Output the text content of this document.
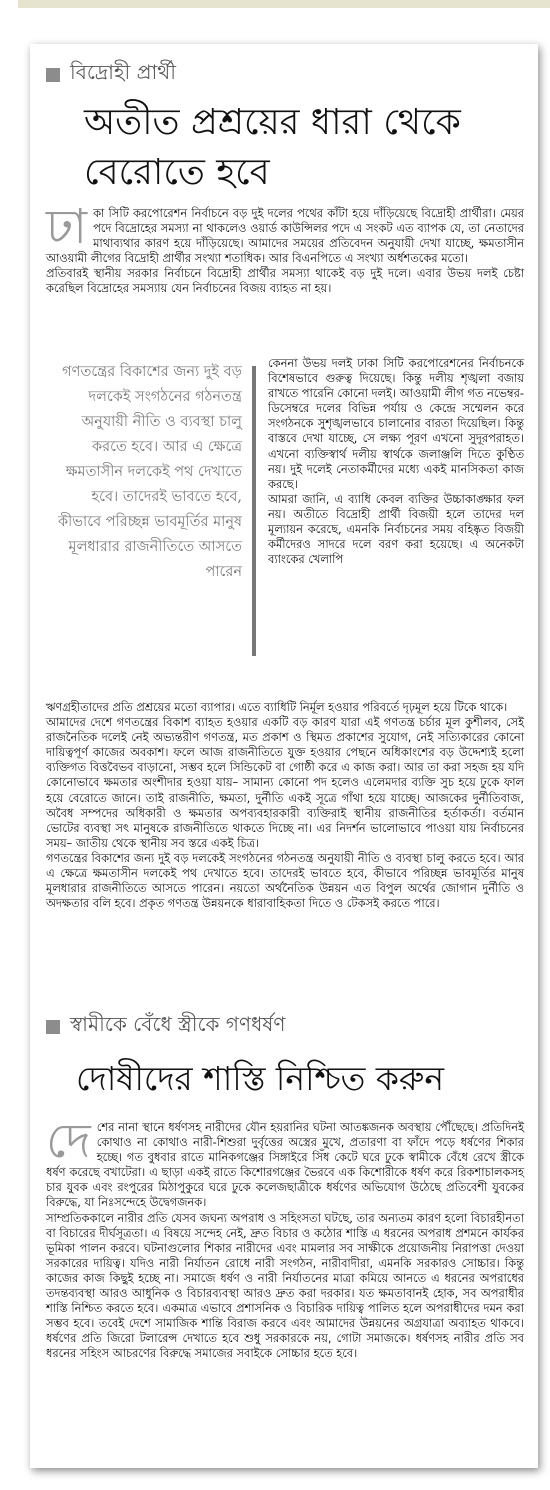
বিদ্রোহী প্রার্থী
অতীত প্রশ্রয়ের ধারা থেকে
বেরোতে হবে
ঢা কা সিটি করপোরেশন নির্বাচনে বড় দুই দলের পথের কাঁটা হয়ে দাঁড়িয়েছে বিদ্রোহী প্রার্থীরা। মেয়র পদে বিদ্রোহের সমস্যা না থাকলেও ওয়ার্ড কাউন্সিলর পদে এ সংকট এত ব্যাপক যে, তা নেতাদের মাথাব্যথার কারণ হয়ে দাঁড়িয়েছে। আমাদের সময়ের প্রতিবেদন অনুযায়ী দেখা যাচ্ছে, ক্ষমতাসীন আওয়ামী লীগের বিদ্রোহী প্রার্থীর সংখ্যা শতাধিক। আর বিএনপিতে এ সংখ্যা অর্ধশতকের মতো।

প্রতিবারই স্থানীয় সরকার নির্বাচনে বিদ্রোহী প্রার্থীর সমস্যা থাকেই বড় দুই দলে। এবার উভয় দলই চেষ্টা করেছিল বিদ্রোহের সমস্যায় যেন নির্বাচনের বিজয় ব্যাহত না হয়।

গণতন্ত্রের বিকাশের জন্য দুই বড় দলকেই সংগঠনের গঠনতন্ত্র অনুযায়ী নীতি ও ব্যবস্থা চালু করতে হবে। আর এ ক্ষেত্রে ক্ষমতাসীন দলকেই পথ দেখাতে হবে। তাদেরই ভাবতে হবে, কীভাবে পরিচ্ছন্ন ভাবমূর্তির মানুষ মূলধারার রাজনীতিতে আসতে পারেন

কেননা উভয় দলই ঢাকা সিটি করপোরেশনের নির্বাচনকে বিশেষভাবে গুরুত্ব দিয়েছে। কিন্তু দলীয় শৃঙ্খলা বজায় রাখতে পারেনি কোনো দলই। আওয়ামী লীগ গত নভেম্বর-ডিসেম্বরে দলের বিভিন্ন পর্যায় ও কেন্দ্রে সম্মেলন করে সংগঠনকে সুশৃঙ্খলভাবে চালানোর বারতা দিয়েছিল। কিন্তু বাস্তবে দেখা যাচ্ছে, সে লক্ষ্য পূরণ এখনো সুদূরপরাহত। এখনো ব্যক্তিস্বার্থ দলীয় স্বার্থকে জলাঞ্জলি দিতে কুণ্ঠিত নয়। দুই দলেই নেতাকর্মীদের মধ্যে একই মানসিকতা কাজ করছে।

আমরা জানি, এ ব্যাধি কেবল ব্যক্তির উচ্চাকাঙ্ক্ষার ফল নয়। অতীতে বিদ্রোহী প্রার্থী বিজয়ী হলে তাদের দল মূল্যায়ন করেছে, এমনকি নির্বাচনের সময় বহিষ্কৃত বিজয়ী কর্মীদেরও সাদরে দলে বরণ করা হয়েছে। এ অনেকটা ব্যাংকের খেলাপি

ঋণগ্রহীতাদের প্রতি প্রশ্রয়ের মতো ব্যাপার। এতে ব্যাধিটি নির্মূল হওয়ার পরিবর্তে দৃঢ়মূল হয়ে টিকে থাকে।

আমাদের দেশে গণতন্ত্রের বিকাশ ব্যাহত হওয়ার একটি বড় কারণ যারা এই গণতন্ত্র চর্চার মূল কুশীলব, সেই রাজনৈতিক দলেই নেই অভ্যন্তরীণ গণতন্ত্র, মত প্রকাশ ও স্থিমত প্রকাশের সুযোগ, নেই সত্যিকারের কোনো দায়িত্বপূর্ণ কাজের অবকাশ। ফলে আজ রাজনীতিতে যুক্ত হওয়ার পেছনে অধিকাংশের বড় উদ্দেশ্যই হলো ব্যক্তিগত বিত্তবৈভব বাড়ানো, সম্ভব হলে সিন্ডিকেট বা গোষ্ঠী করে এ কাজ করা। আর তা করা সহজ হয় যদি কোনোভাবে ক্ষমতার অংশীদার হওয়া যায়– সামান্য কোনো পদ হলেও এলেমদার ব্যক্তি সুচ হয়ে ঢুকে ফাল হয়ে বেরোতে জানে। তাই রাজনীতি, ক্ষমতা, দুর্নীতি একই সূত্রে গাঁথা হয়ে যাচ্ছে। আজকের দুর্নীতিবাজ, অবৈধ সম্পদের অধিকারী ও ক্ষমতার অপব্যবহারকারী ব্যক্তিরাই স্থানীয় রাজনীতির হর্তাকর্তা। বর্তমান ভোটের ব্যবস্থা সৎ মানুষকে রাজনীতিতে থাকতে দিচ্ছে না। এর নিদর্শন ভালোভাবে পাওয়া যায় নির্বাচনের সময়– জাতীয় থেকে স্থানীয় সব স্তরে একই চিত্র।

গণতন্ত্রের বিকাশের জন্য দুই বড় দলকেই সংগঠনের গঠনতন্ত্র অনুযায়ী নীতি ও ব্যবস্থা চালু করতে হবে। আর এ ক্ষেত্রে ক্ষমতাসীন দলকেই পথ দেখাতে হবে। তাদেরই ভাবতে হবে, কীভাবে পরিচ্ছন্ন ভাবমূর্তির মানুষ মূলধারার রাজনীতিতে আসতে পারেন। নয়তো অর্থনৈতিক উন্নয়ন এত বিপুল অর্থের জোগান দুর্নীতি ও অদক্ষতার বলি হবে। প্রকৃত গণতন্ত্র উন্নয়নকে ধারাবাহিকতা দিতে ও টেকসই করতে পারে।

স্বামীকে বেঁধে স্ত্রীকে গণধর্ষণ
দোষীদের শাস্তি নিশ্চিত করুন
দে শের নানা স্থানে ধর্ষণসহ নারীদের যৌন হয়রানির ঘটনা আতঙ্কজনক অবস্থায় পৌঁছেছে। প্রতিদিনই কোথাও না কোথাও নারী-শিশুরা দুর্বৃত্তের অস্ত্রের মুখে, প্রতারণা বা ফাঁদে পড়ে ধর্ষণের শিকার হচ্ছে। গত বুধবার রাতে মানিকগঞ্জের সিঙ্গাইরে সিঁধ কেটে ঘরে ঢুকে স্বামীকে বেঁধে রেখে স্ত্রীকে ধর্ষণ করেছে বখাটেরা। এ ছাড়া একই রাতে কিশোরগঞ্জের ভৈরবে এক কিশোরীকে ধর্ষণ করে রিকশাচালকসহ চার যুবক এবং রংপুরের মিঠাপুকুরে ঘরে ঢুকে কলেজছাত্রীকে ধর্ষণের অভিযোগ উঠেছে প্রতিবেশী যুবকের বিরুদ্ধে, যা নিঃসন্দেহে উদ্বেগজনক।

সাম্প্রতিককালে নারীর প্রতি যেসব জঘন্য অপরাধ ও সহিংসতা ঘটছে, তার অন্যতম কারণ হলো বিচারহীনতা বা বিচারের দীর্ঘসূত্রতা। এ বিষয়ে সন্দেহ নেই, দ্রুত বিচার ও কঠোর শাস্তি এ ধরনের অপরাধ প্রশমনে কার্যকর ভূমিকা পালন করবে। ঘটনাগুলোর শিকার নারীদের এবং মামলার সব সাক্ষীকে প্রয়োজনীয় নিরাপত্তা দেওয়া সরকারের দায়িত্ব। যদিও নারী নির্যাতন রোধে নারী সংগঠন, নারীবাদীরা, এমনকি সরকারও সোচ্চার। কিন্তু কাজের কাজ কিছুই হচ্ছে না। সমাজে ধর্ষণ ও নারী নির্যাতনের মাত্রা কমিয়ে আনতে এ ধরনের অপরাধের তদন্তব্যবস্থা আরও আধুনিক ও বিচারব্যবস্থা আরও দ্রুত করা দরকার। যত ক্ষমতাবানই হোক, সব অপরাধীর শাস্তি নিশ্চিত করতে হবে। একমাত্র এভাবে প্রশাসনিক ও বিচারিক দায়িত্ব পালিত হলে অপরাধীদের দমন করা সম্ভব হবে। তবেই দেশে সামাজিক শান্তি বিরাজ করবে এবং আমাদের উন্নয়নের অগ্রযাত্রা অব্যাহত থাকবে। ধর্ষণের প্রতি জিরো টলারেন্স দেখাতে হবে শুধু সরকারকে নয়, গোটা সমাজকে। ধর্ষণসহ নারীর প্রতি সব ধরনের সহিংস আচরণের বিরুদ্ধে সমাজের সবাইকে সোচ্চার হতে হবে।
